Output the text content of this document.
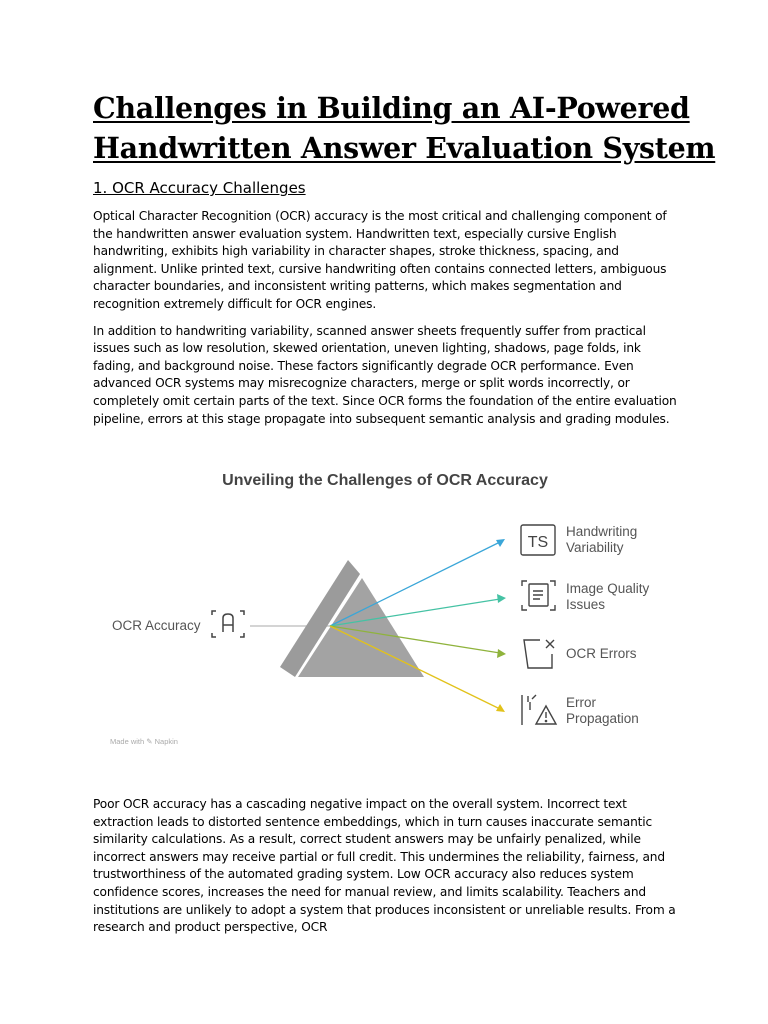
Challenges in Building an AI-Powered
Handwritten Answer Evaluation System
1. OCR Accuracy Challenges

Optical Character Recognition (OCR) accuracy is the most critical and challenging component of the handwritten answer evaluation system. Handwritten text, especially cursive English handwriting, exhibits high variability in character shapes, stroke thickness, spacing, and alignment. Unlike printed text, cursive handwriting often contains connected letters, ambiguous character boundaries, and inconsistent writing patterns, which makes segmentation and recognition extremely difficult for OCR engines.

In addition to handwriting variability, scanned answer sheets frequently suffer from practical issues such as low resolution, skewed orientation, uneven lighting, shadows, page folds, ink fading, and background noise. These factors significantly degrade OCR performance. Even advanced OCR systems may misrecognize characters, merge or split words incorrectly, or completely omit certain parts of the text. Since OCR forms the foundation of the entire evaluation pipeline, errors at this stage propagate into subsequent semantic analysis and grading modules.

Unveiling the Challenges of OCR Accuracy
TS
OCR Accuracy
Handwriting
Variability
Image Quality
Issues
OCR Errors
Error
Propagation
Made with ✎ Napkin

Poor OCR accuracy has a cascading negative impact on the overall system. Incorrect text extraction leads to distorted sentence embeddings, which in turn causes inaccurate semantic similarity calculations. As a result, correct student answers may be unfairly penalized, while incorrect answers may receive partial or full credit. This undermines the reliability, fairness, and trustworthiness of the automated grading system. Low OCR accuracy also reduces system confidence scores, increases the need for manual review, and limits scalability. Teachers and institutions are unlikely to adopt a system that produces inconsistent or unreliable results. From a research and product perspective, OCR
